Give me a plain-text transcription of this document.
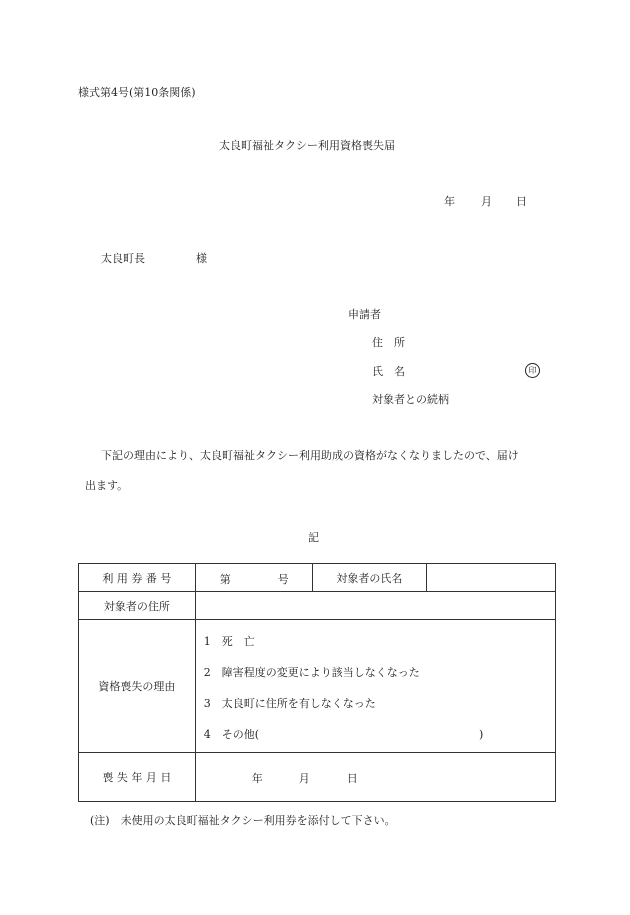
様式第4号(第10条関係)
太良町福祉タクシー利用資格喪失届
年 月 日
太良町長	様
申請者
住　所
氏　名	印
対象者との続柄
下記の理由により、太良町福祉タクシー利用助成の資格がなくなりましたので、届け
出ます。
記
利 用 券 番 号	第 号	対象者の氏名	
対象者の住所			
資格喪失の理由	1　死　亡
2　障害程度の変更により該当しなくなった
3　太良町に住所を有しなくなった
4　その他(　　　　　　　　　　　　　　　　　　　　)		

喪 失 年 月 日	年 月 日		
(注)　未使用の太良町福祉タクシー利用券を添付して下さい。
